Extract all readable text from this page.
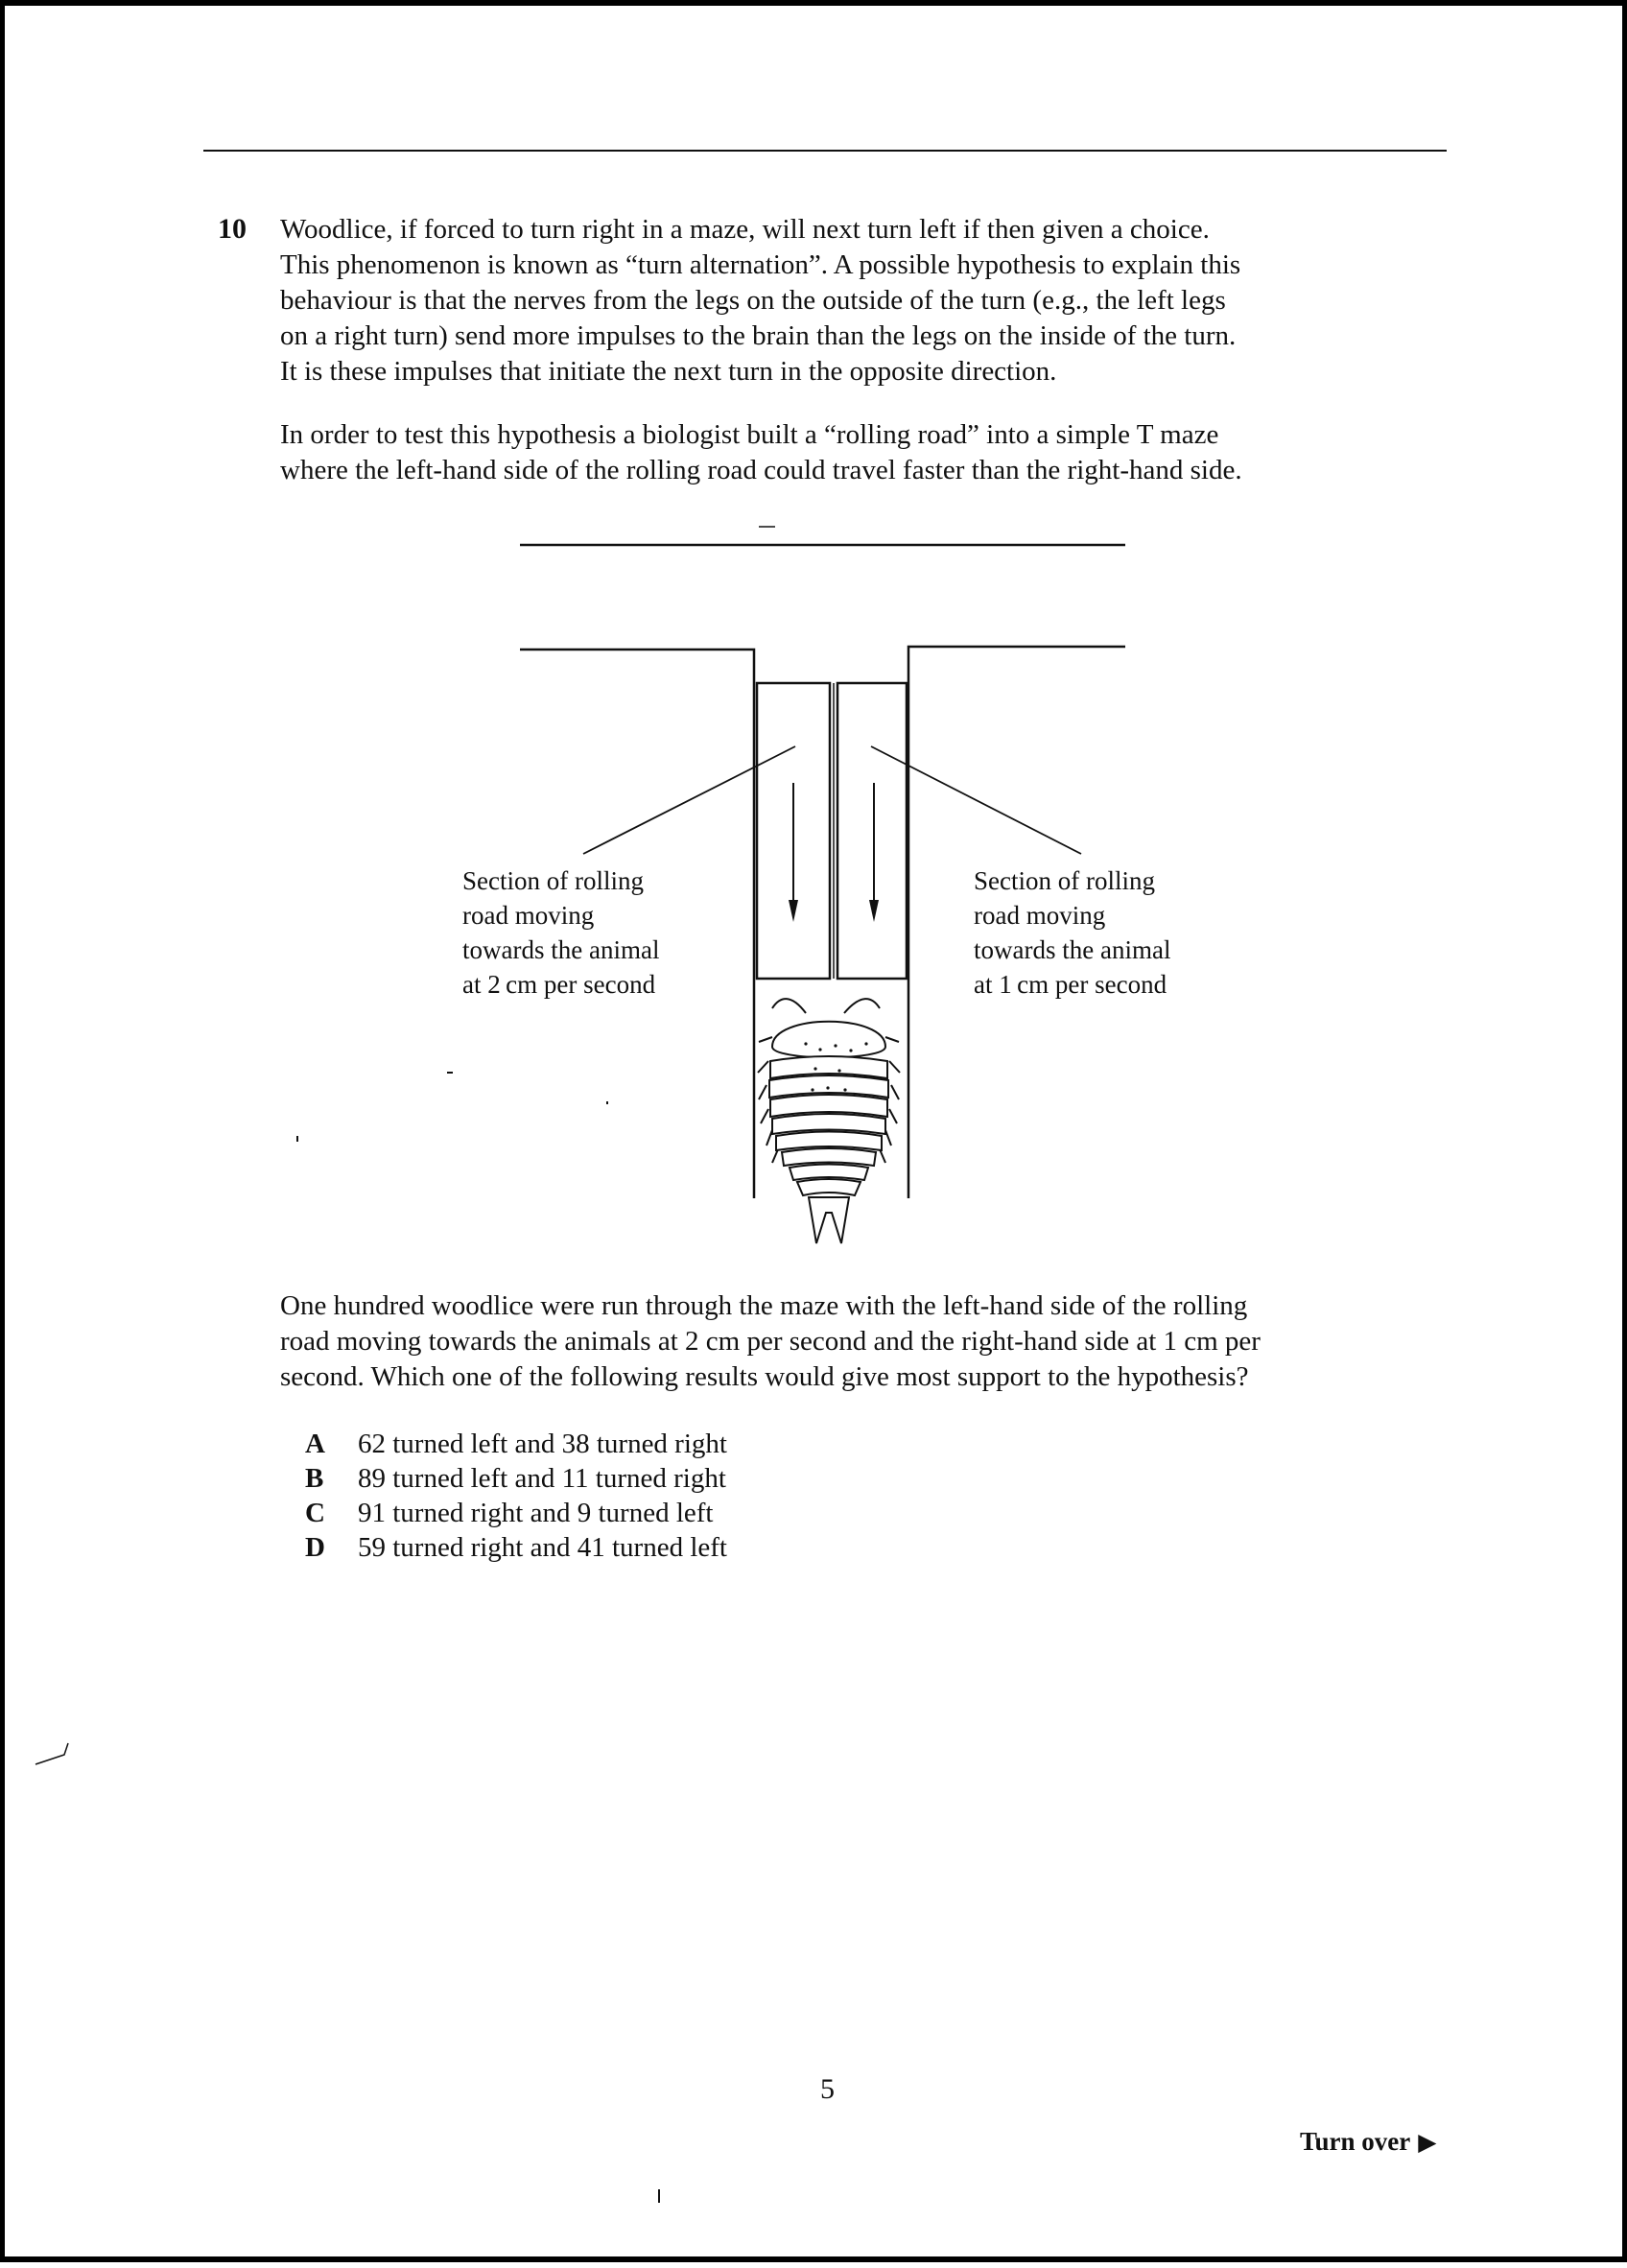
10 Woodlice, if forced to turn right in a maze, will next turn left if then given a choice.
This phenomenon is known as “turn alternation”. A possible hypothesis to explain this
behaviour is that the nerves from the legs on the outside of the turn (e.g., the left legs
on a right turn) send more impulses to the brain than the legs on the inside of the turn.
It is these impulses that initiate the next turn in the opposite direction.

In order to test this hypothesis a biologist built a “rolling road” into a simple T maze
where the left-hand side of the rolling road could travel faster than the right-hand side.

Section of rolling
road moving
towards the animal
at 2 cm per second
Section of rolling
road moving
towards the animal
at 1 cm per second

One hundred woodlice were run through the maze with the left-hand side of the rolling
road moving towards the animals at 2 cm per second and the right-hand side at 1 cm per
second. Which one of the following results would give most support to the hypothesis?

A 62 turned left and 38 turned right
B 89 turned left and 11 turned right
C 91 turned right and 9 turned left
D 59 turned right and 41 turned left
5
Turn over ▶
